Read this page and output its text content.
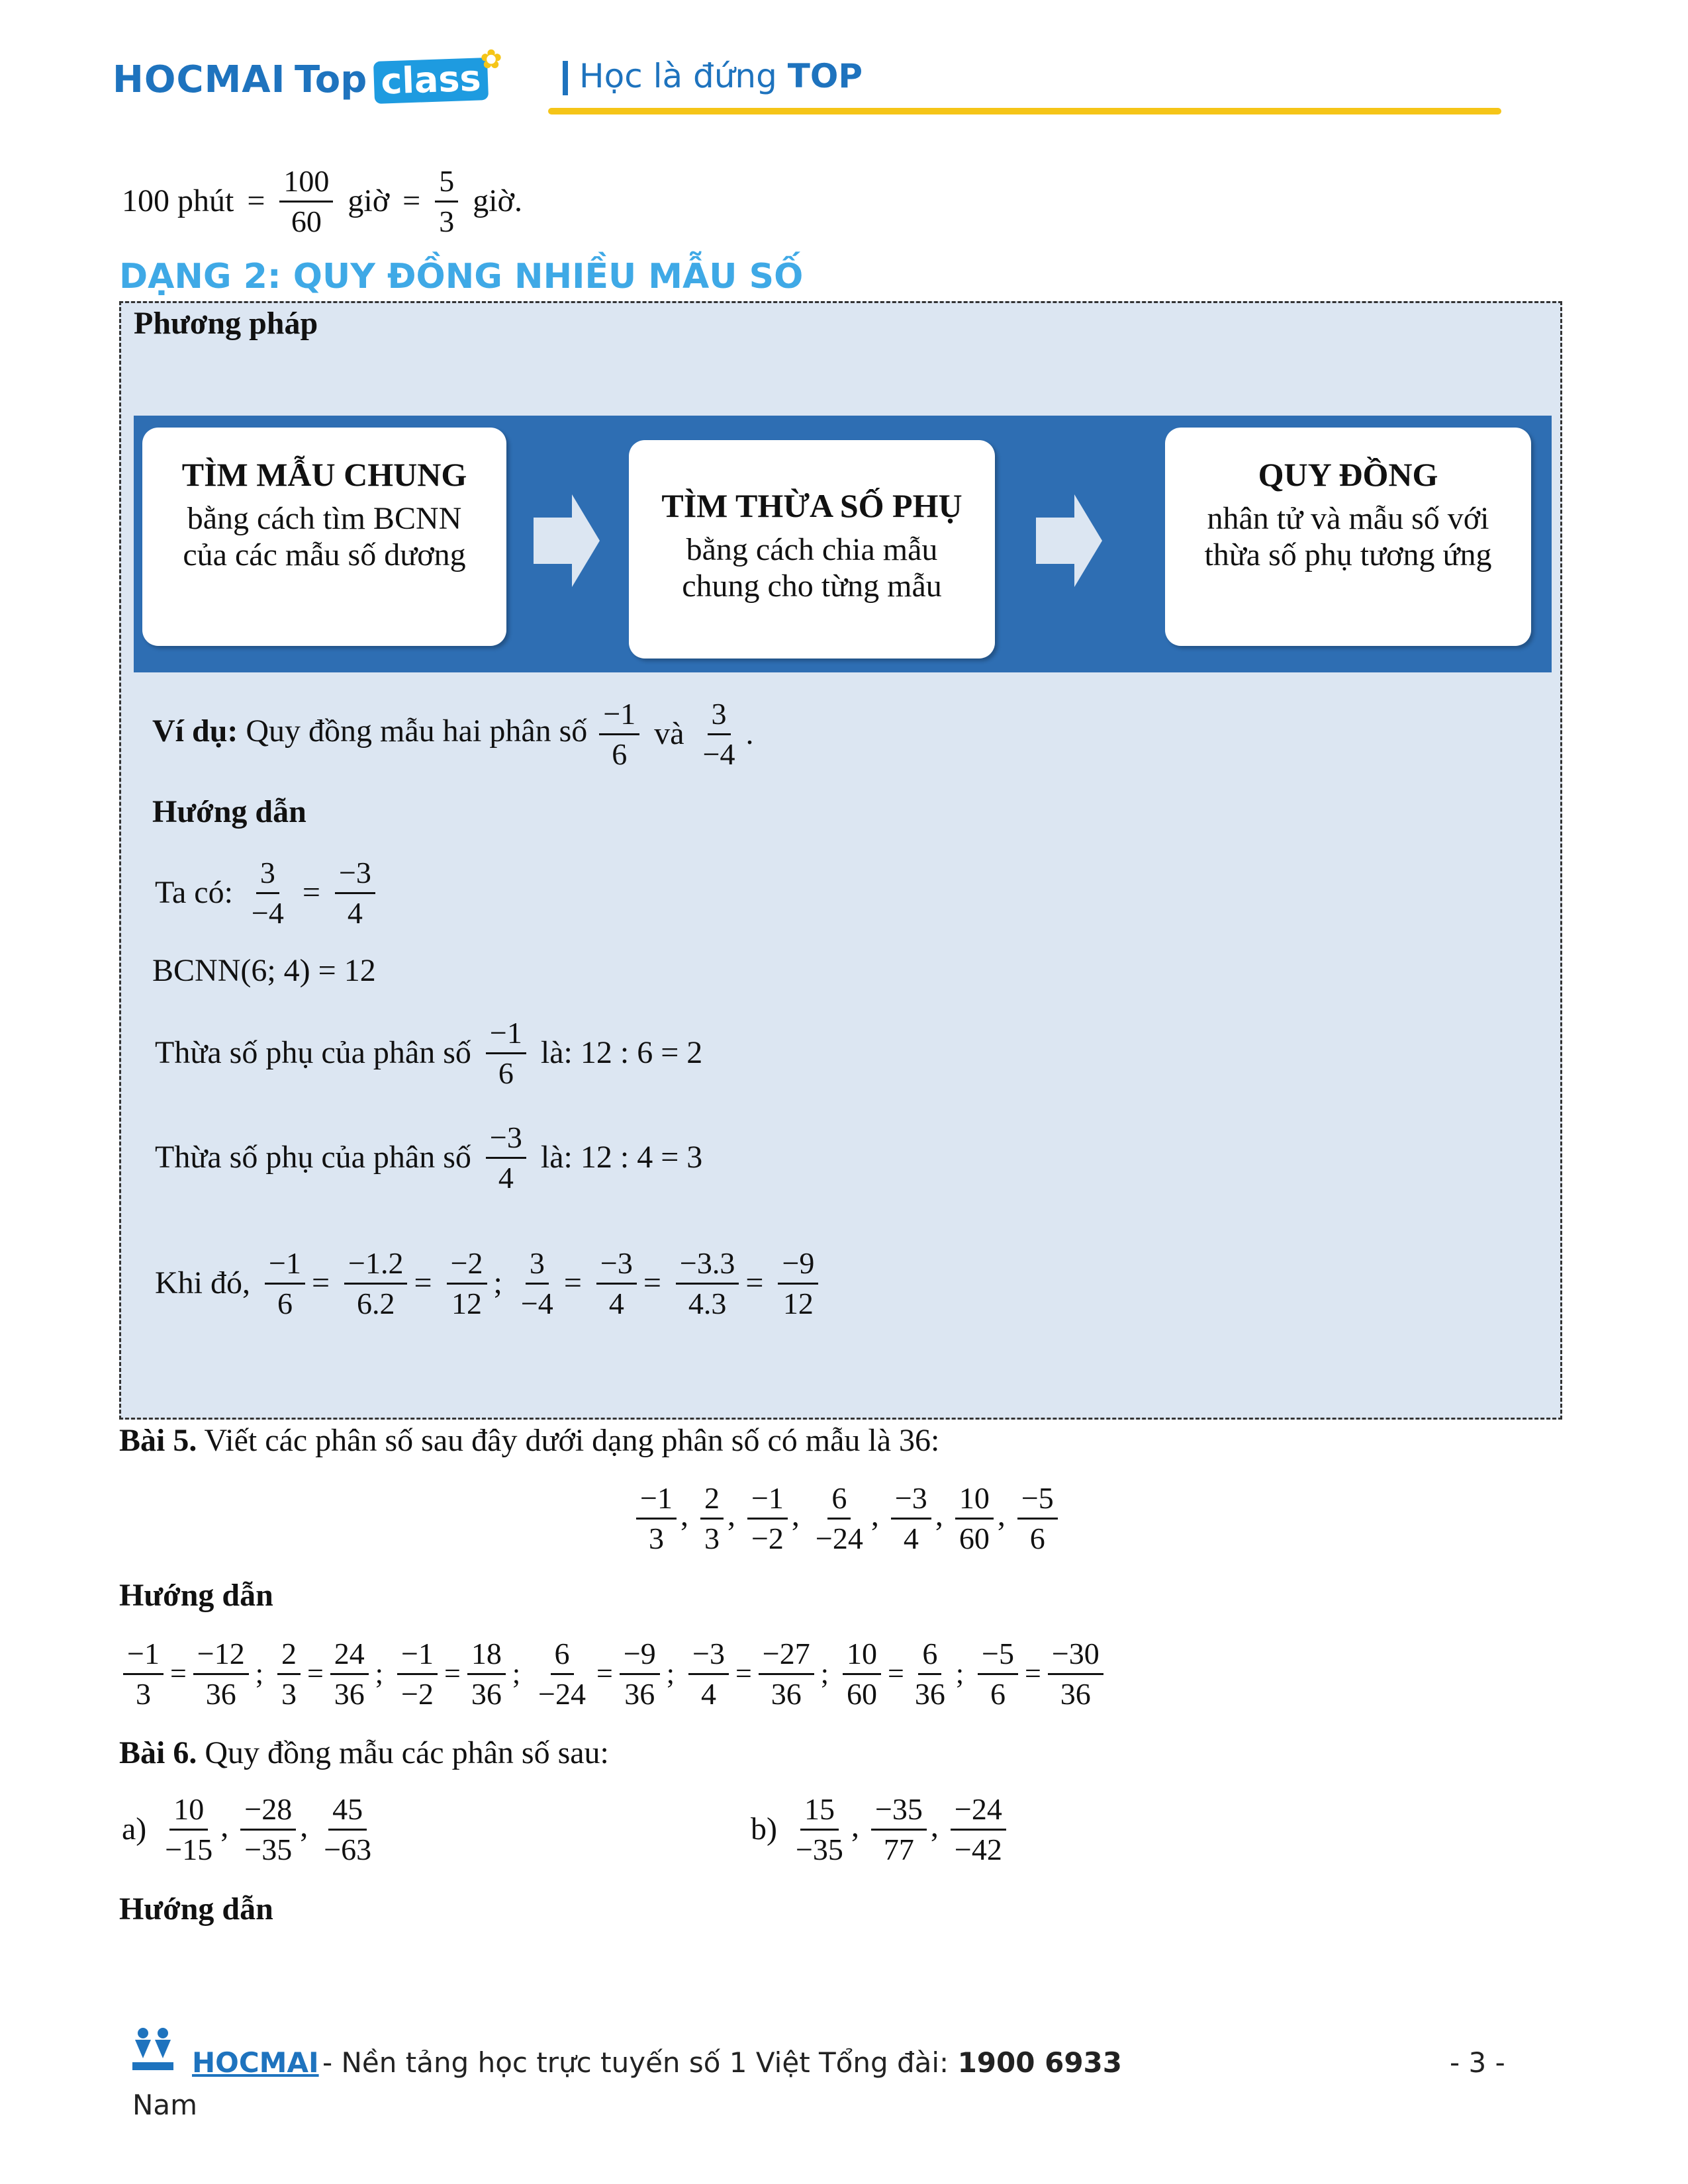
HOCMAI Top class
✿ Học là đứng TOP
100 phút = $\frac{100}{60}$ giờ = $\frac{5}{3}$ giờ.
DẠNG 2: QUY ĐỒNG NHIỀU MẪU SỐ
Phương pháp
TÌM MẪU CHUNG
bằng cách tìm BCNN
của các mẫu số dương
TÌM THỪA SỐ PHỤ
bằng cách chia mẫu
chung cho từng mẫu
QUY ĐỒNG
nhân tử và mẫu số với
thừa số phụ tương ứng
Ví dụ: Quy đồng mẫu hai phân số $\frac{-1}{6}$ và $\frac{3}{-4}$ .
Hướng dẫn
Ta có: $\frac{3}{-4} = \frac{-3}{4}$
BCNN(6; 4) = 12
Thừa số phụ của phân số $\frac{-1}{6}$ là: 12 : 6 = 2
Thừa số phụ của phân số $\frac{-3}{4}$ là: 12 : 4 = 3
Khi đó, $\frac{-1}{6} = \frac{-1.2}{6.2} = \frac{-2}{12}$ ; $\frac{3}{-4} = \frac{-3}{4} = \frac{-3.3}{4.3} = \frac{-9}{12}$
Bài 5. Viết các phân số sau đây dưới dạng phân số có mẫu là 36:
$\frac{-1}{3}$ , $\frac{2}{3}$ , $\frac{-1}{-2}$ , $\frac{6}{-24}$ , $\frac{-3}{4}$ , $\frac{10}{60}$ , $\frac{-5}{6}$
Hướng dẫn
$\frac{-1}{3} = \frac{-12}{36}$ ; $\frac{2}{3} = \frac{24}{36}$ ; $\frac{-1}{-2} = \frac{18}{36}$ ; $\frac{6}{-24} = \frac{-9}{36}$ ; $\frac{-3}{4} = \frac{-27}{36}$ ; $\frac{10}{60} = \frac{6}{36}$ ; $\frac{-5}{6} = \frac{-30}{36}$
Bài 6. Quy đồng mẫu các phân số sau:
$a) \frac{10}{-15}$ , $\frac{-28}{-35}$ , $\frac{45}{-63}$	$b) \frac{15}{-35}$ , $\frac{-35}{77}$ , $\frac{-24}{-42}$
Hướng dẫn
HOCMAI - Nền tảng học trực tuyến số 1 Việt Tổng đài: 1900 6933	- 3 -
Nam
